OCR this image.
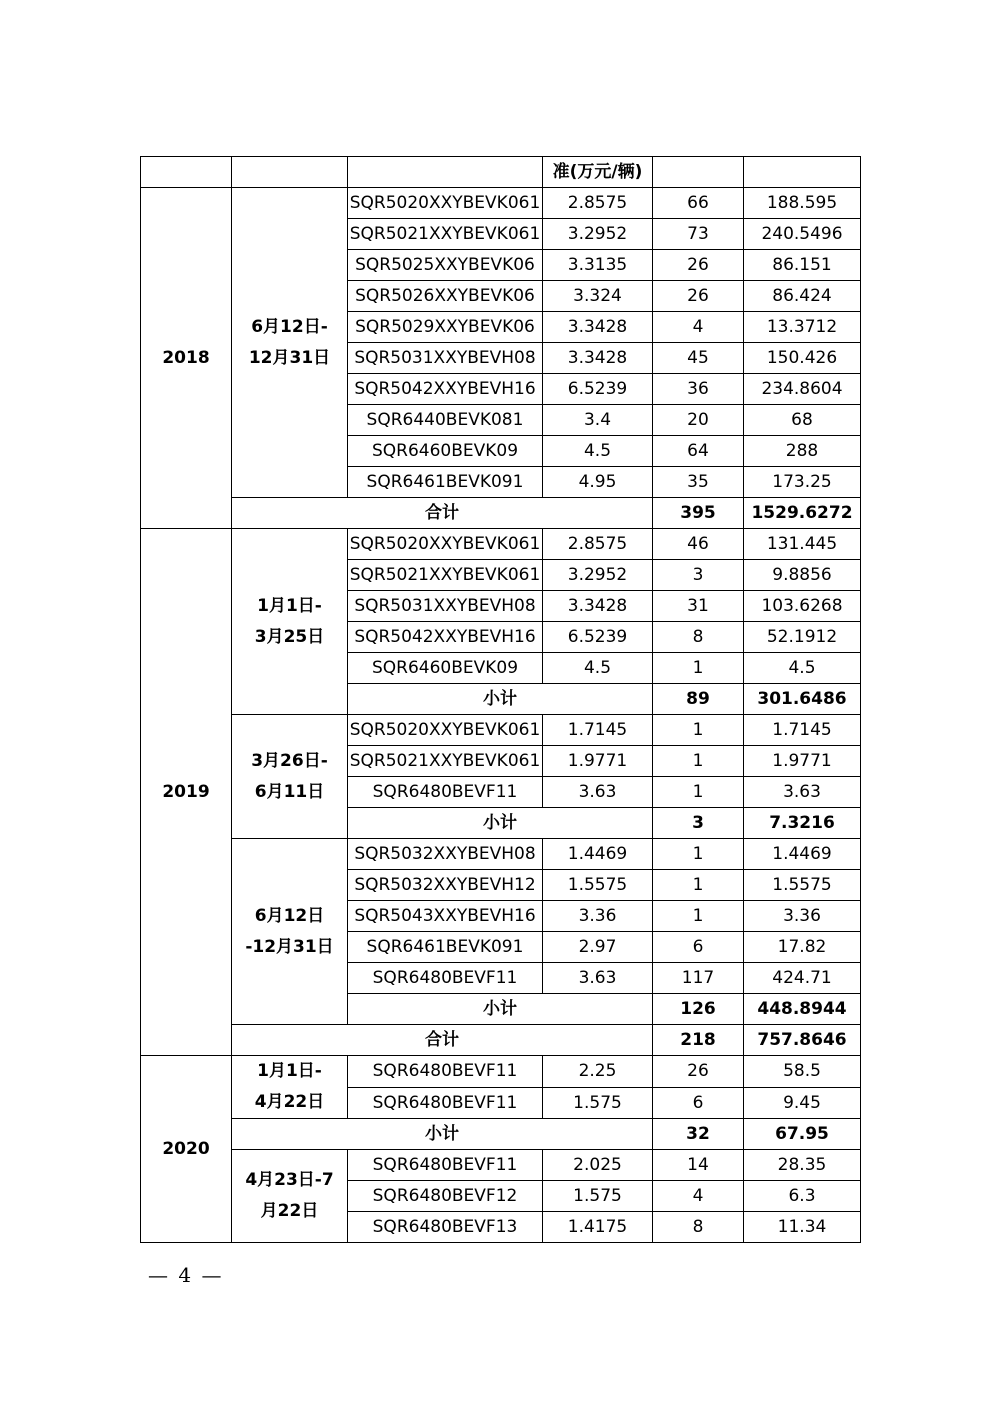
			准(万元/辆)		
2018	6月12日-
12月31日	SQR5020XXYBEVK061	2.8575	66	188.595
		SQR5021XXYBEVK061	3.2952	73	240.5496
		SQR5025XXYBEVK06	3.3135	26	86.151
		SQR5026XXYBEVK06	3.324	26	86.424
		SQR5029XXYBEVK06	3.3428	4	13.3712
		SQR5031XXYBEVH08	3.3428	45	150.426
		SQR5042XXYBEVH16	6.5239	36	234.8604
		SQR6440BEVK081	3.4	20	68
		SQR6460BEVK09	4.5	64	288
		SQR6461BEVK091	4.95	35	173.25
	合计			395	1529.6272
2019	1月1日-
3月25日	SQR5020XXYBEVK061	2.8575	46	131.445
		SQR5021XXYBEVK061	3.2952	3	9.8856
		SQR5031XXYBEVH08	3.3428	31	103.6268
		SQR5042XXYBEVH16	6.5239	8	52.1912
		SQR6460BEVK09	4.5	1	4.5
		小计		89	301.6486
	3月26日-
6月11日	SQR5020XXYBEVK061	1.7145	1	1.7145
		SQR5021XXYBEVK061	1.9771	1	1.9771
		SQR6480BEVF11	3.63	1	3.63
		小计		3	7.3216
	6月12日
-12月31日	SQR5032XXYBEVH08	1.4469	1	1.4469
		SQR5032XXYBEVH12	1.5575	1	1.5575
		SQR5043XXYBEVH16	3.36	1	3.36
		SQR6461BEVK091	2.97	6	17.82
		SQR6480BEVF11	3.63	117	424.71
		小计		126	448.8944
	合计			218	757.8646
2020	1月1日-
4月22日	SQR6480BEVF11	2.25	26	58.5
		SQR6480BEVF11	1.575	6	9.45
	小计			32	67.95
	4月23日-7
月22日	SQR6480BEVF11	2.025	14	28.35
		SQR6480BEVF12	1.575	4	6.3
		SQR6480BEVF13	1.4175	8	11.34
— 4 —
